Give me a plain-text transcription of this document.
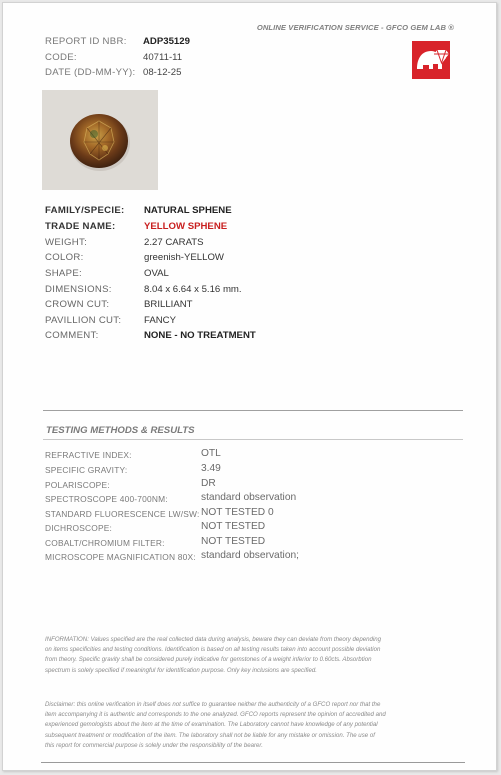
ONLINE VERIFICATION SERVICE - GFCO GEM LAB ®
REPORT ID NBR: ADP35129
CODE:	40711-11
DATE (DD-MM-YY): 08-12-25
FAMILY/SPECIE: NATURAL SPHENE
TRADE NAME:	YELLOW SPHENE
WEIGHT:	2.27 CARATS
COLOR:	greenish-YELLOW
SHAPE:	OVAL
DIMENSIONS:	8.04 x 6.64 x 5.16 mm.
CROWN CUT:	BRILLIANT
PAVILLION CUT: FANCY
COMMENT:	NONE - NO TREATMENT
TESTING METHODS & RESULTS
REFRACTIVE INDEX:	OTL
SPECIFIC GRAVITY:	3.49
POLARISCOPE:	DR
SPECTROSCOPE 400-700NM:	standard observation
STANDARD FLUORESCENCE LW/SW: NOT TESTED 0
DICHROSCOPE:	NOT TESTED
COBALT/CHROMIUM FILTER:	NOT TESTED
MICROSCOPE MAGNIFICATION 80X: standard observation;
INFORMATION: Values specified are the real collected data during analysis, beware they can deviate from theory depending
on items specificities and testing conditions. Identification is based on all testing results taken into account possible deviation
from theory. Specific gravity shall be considered purely indicative for gemstones of a weight inferior to 0.60cts. Absorbtion
spectrum is solely specified if meaningful for identification purpose. Only key inclusions are specified.
Disclaimer: this online verification in itself does not suffice to guarantee neither the authenticity of a GFCO report nor that the
item accompanying it is authentic and corresponds to the one analyzed. GFCO reports represent the opinion of accredited and
experienced gemologists about the item at the time of examination. The Laboratory cannot have knowledge of any potential
subsequent treatment or modification of the item. The laboratory shall not be liable for any mistake or omission. The use of
this report for commercial purpose is solely under the responsibility of the bearer.
